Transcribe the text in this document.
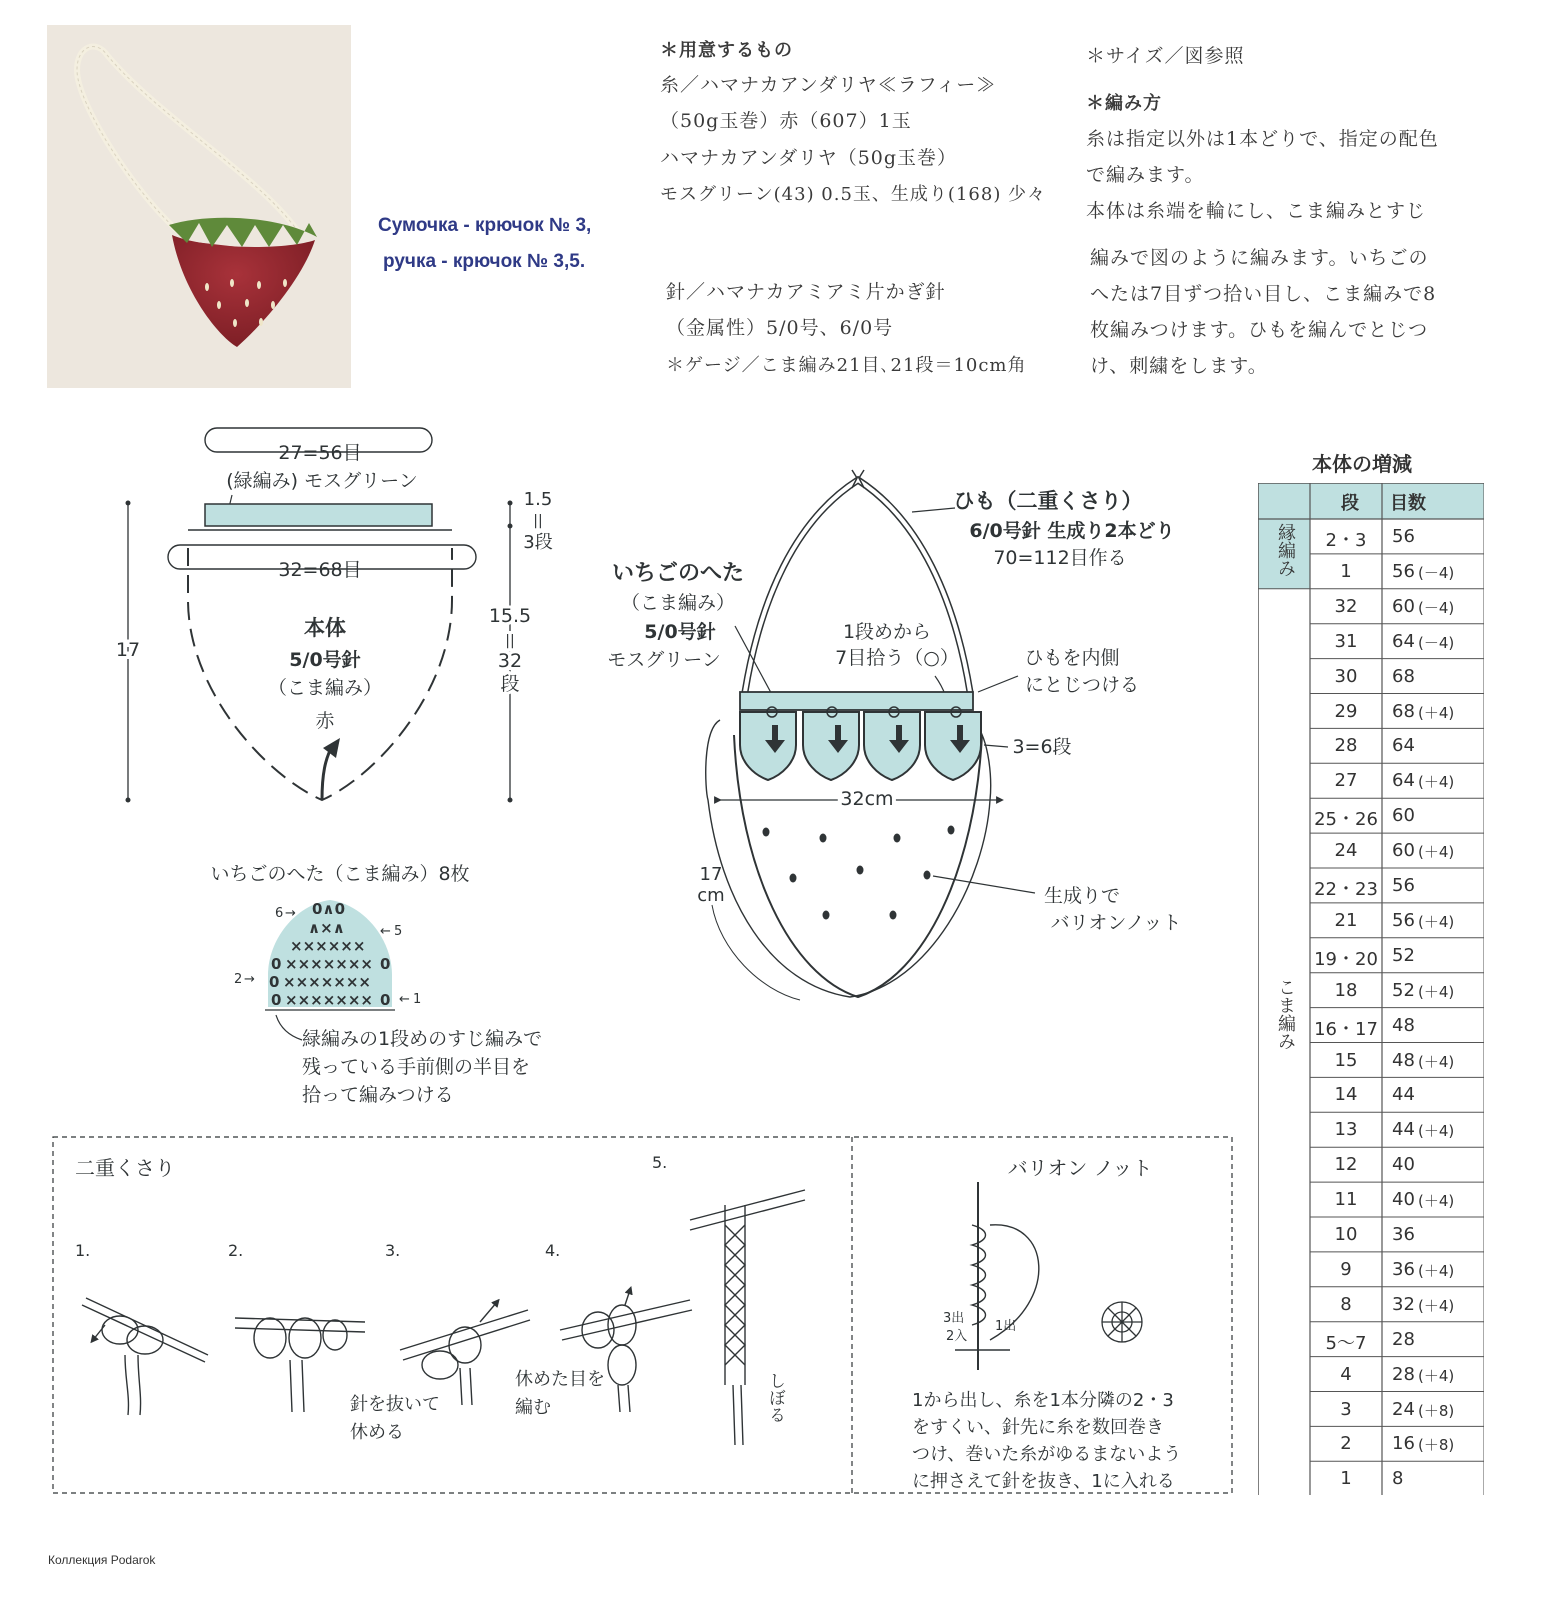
Сумочка - крючок № 3,
ручка - крючок № 3,5.
＊用意するもの
糸／ハマナカアンダリヤ≪ラフィー≫
（50g玉巻）赤（607）1玉
ハマナカアンダリヤ（50g玉巻）
モスグリーン(43) 0.5玉、生成り(168) 少々
針／ハマナカアミアミ片かぎ針
（金属性）5/0号、6/0号
＊ゲージ／こま編み21目､21段＝10cm角
＊サイズ／図参照
＊編み方
糸は指定以外は1本どりで、指定の配色
で編みます。
本体は糸端を輪にし、こま編みとすじ
編みで図のように編みます。いちごの
へたは7目ずつ拾い目し、こま編みで8
枚編みつけます。ひもを編んでとじつ
け、刺繍をします。
27=56目
(緑編み) モスグリーン
32=68目
本体
5/0号針
（こま編み）
赤
17
1.5
||
3段
15.5
||
32
段
ひも（二重くさり）
6/0号針 生成り2本どり
70=112目作る
いちごのへた
（こま編み）
5/0号針
モスグリーン
1段めから
7目拾う（○）	ひもを内側
にとじつける
3=6段
32cm
17
cm	生成りで
バリオンノット
いちごのへた（こま編み）8枚
0 ××××××× 0
0 ×××××××
0 ××××××× 0
××××××
∧×∧
0∧0
2 →
← 1
← 5
6 →
緑編みの1段めのすじ編みで
残っている手前側の半目を
拾って編みつける
二重くさり
1.	2.	3.	4.
5.
針を抜いて
休める
休めた目を
編む	しぼる
バリオン ノット
3出
2入
1出
1から出し、糸を1本分隣の2・3
をすくい、針先に糸を数回巻き
つけ、巻いた糸がゆるまないよう
に押さえて針を抜き、1に入れる
本体の増減
段	目数
縁編み
こま編み
2・3	56
1	56 (－4)
32	60 (－4)
31	64 (－4)
30	68
29	68 (＋4)
28	64
27	64 (＋4)
25・26 60
24	60 (＋4)
22・23 56
21	56 (＋4)
19・20 52
18	52 (＋4)
16・17 48
15	48 (＋4)
14	44
13	44 (＋4)
12	40
11	40 (＋4)
10	36
9	36 (＋4)
8	32 (＋4)
5～7	28
4	28 (＋4)
3	24 (＋8)
2	16 (＋8)
1	8
Коллекция Podarok
